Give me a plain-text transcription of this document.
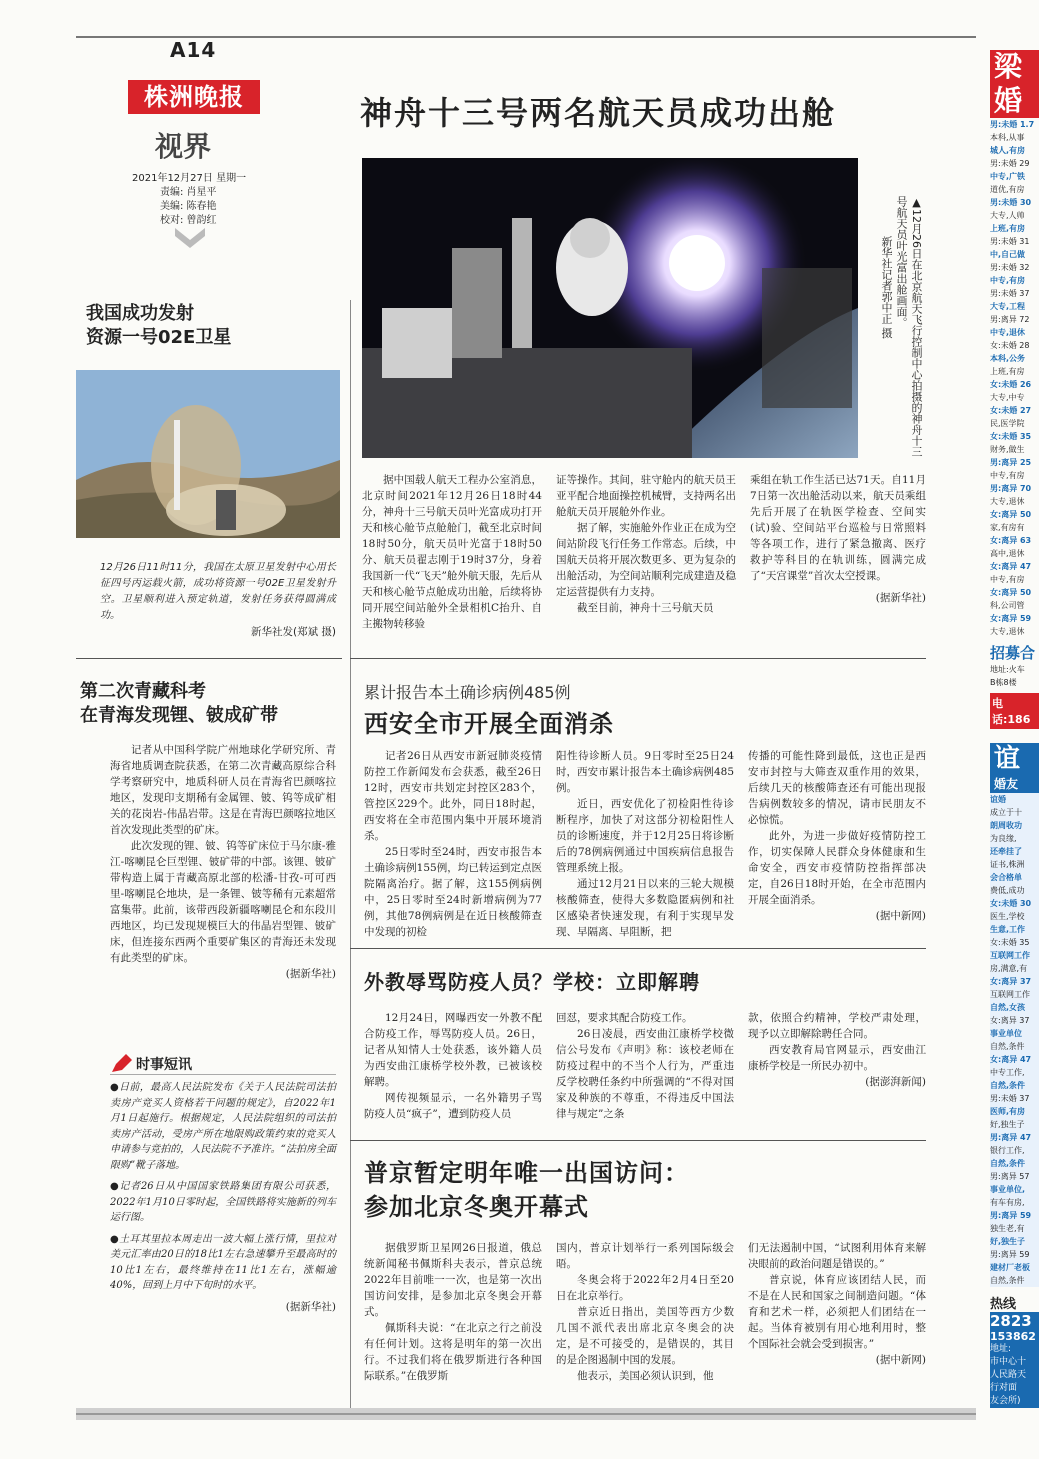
A14
株洲晚报
视界
2021年12月27日 星期一
责编: 肖星平
美编: 陈春艳
校对: 曾韵红
神舟十三号两名航天员成功出舱
▲12月26日在北京航天飞行控制中心拍摄的神舟十三号航天员叶光富出舱画面。 新华社记者郭中正 摄

据中国载人航天工程办公室消息，北京时间2021年12月26日18时44分，神舟十三号航天员叶光富成功打开天和核心舱节点舱舱门，截至北京时间18时50分，航天员叶光富于18时50分、航天员翟志刚于19时37分，身着我国新一代“飞天”舱外航天服，先后从天和核心舱节点舱成功出舱，后续将协同开展空间站舱外全景相机C抬升、自主搬物转移验

证等操作。其间，驻守舱内的航天员王亚平配合地面操控机械臂，支持两名出舱航天员开展舱外作业。

据了解，实施舱外作业正在成为空间站阶段飞行任务工作常态。后续，中国航天员将开展次数更多、更为复杂的出舱活动，为空间站顺利完成建造及稳定运营提供有力支持。

截至目前，神舟十三号航天员

乘组在轨工作生活已达71天。自11月7日第一次出舱活动以来，航天员乘组先后开展了在轨医学检查、空间实(试)验、空间站平台巡检与日常照料等各项工作，进行了紧急撤离、医疗救护等科目的在轨训练，圆满完成了“天宫课堂”首次太空授课。

(据新华社)
我国成功发射
资源一号02E卫星
12月26日11时11分，我国在太原卫星发射中心用长征四号丙运载火箭，成功将资源一号02E卫星发射升空。卫星顺利进入预定轨道，发射任务获得圆满成功。
新华社发(郑斌 摄)
第二次青藏科考
在青海发现锂、铍成矿带

记者从中国科学院广州地球化学研究所、青海省地质调查院获悉，在第二次青藏高原综合科学考察研究中，地质科研人员在青海省巴颜喀拉地区，发现印支期稀有金属锂、铍、钨等成矿相关的花岗岩-伟晶岩带。这是在青海巴颜喀拉地区首次发现此类型的矿床。

此次发现的锂、铍、钨等矿床位于马尔康-雅江-喀喇昆仑巨型锂、铍矿带的中部。该锂、铍矿带构造上属于青藏高原北部的松潘-甘孜-可可西里-喀喇昆仑地块，是一条锂、铍等稀有元素超常富集带。此前，该带西段新疆喀喇昆仑和东段川西地区，均已发现规模巨大的伟晶岩型锂、铍矿床，但连接东西两个重要矿集区的青海还未发现有此类型的矿床。

(据新华社)
时事短讯

●日前，最高人民法院发布《关于人民法院司法拍卖房产竞买人资格若干问题的规定》，自2022年1月1日起施行。根据规定，人民法院组织的司法拍卖房产活动，受房产所在地限购政策约束的竞买人申请参与竞拍的，人民法院不予准许。“法拍房全面限购”靴子落地。

●记者26日从中国国家铁路集团有限公司获悉，2022年1月10日零时起，全国铁路将实施新的列车运行图。

●土耳其里拉本周走出一波大幅上涨行情，里拉对美元汇率由20日的18比1左右急速攀升至最高时的10比1左右，最终维持在11比1左右，涨幅逾40%，回到上月中下旬时的水平。

(据新华社)
累计报告本土确诊病例485例
西安全市开展全面消杀

记者26日从西安市新冠肺炎疫情防控工作新闻发布会获悉，截至26日12时，西安市共划定封控区283个，管控区229个。此外，同日18时起，西安将在全市范围内集中开展环境消杀。

25日零时至24时，西安市报告本土确诊病例155例，均已转运到定点医院隔离治疗。据了解，这155例病例中，25日零时至24时新增病例为77例，其他78例病例是在近日核酸筛查中发现的初检

阳性待诊断人员。9日零时至25日24时，西安市累计报告本土确诊病例485例。

近日，西安优化了初检阳性待诊断程序，加快了对这部分初检阳性人员的诊断速度，并于12月25日将诊断后的78例病例通过中国疾病信息报告管理系统上报。

通过12月21日以来的三轮大规模核酸筛查，使得大多数隐匿病例和社区感染者快速发现，有利于实现早发现、早隔离、早阻断，把

传播的可能性降到最低，这也正是西安市封控与大筛查双重作用的效果，后续几天的核酸筛查还有可能出现报告病例数较多的情况，请市民朋友不必惊慌。

此外，为进一步做好疫情防控工作，切实保障人民群众身体健康和生命安全，西安市疫情防控指挥部决定，自26日18时开始，在全市范围内开展全面消杀。

(据中新网)
外教辱骂防疫人员？学校：立即解聘

12月24日，网曝西安一外教不配合防疫工作，辱骂防疫人员。26日，记者从知情人士处获悉，该外籍人员为西安曲江康桥学校外教，已被该校解聘。

网传视频显示，一名外籍男子骂防疫人员“疯子”，遭到防疫人员

回怼，要求其配合防疫工作。

26日凌晨，西安曲江康桥学校微信公号发布《声明》称：该校老师在防疫过程中的不当个人行为，严重违反学校聘任条约中所强调的“不得对国家及种族的不尊重，不得违反中国法律与规定”之条

款，依照合约精神，学校严肃处理，现予以立即解除聘任合同。

西安教育局官网显示，西安曲江康桥学校是一所民办初中。

(据澎湃新闻)
普京暂定明年唯一出国访问：
参加北京冬奥开幕式

据俄罗斯卫星网26日报道，俄总统新闻秘书佩斯科夫表示，普京总统2022年目前唯一一次，也是第一次出国访问安排，是参加北京冬奥会开幕式。

佩斯科夫说：“在北京之行之前没有任何计划。这将是明年的第一次出行。不过我们将在俄罗斯进行各种国际联系。”在俄罗斯

国内，普京计划举行一系列国际级会晤。

冬奥会将于2022年2月4日至20日在北京举行。

普京近日指出，美国等西方少数几国不派代表出席北京冬奥会的决定，是不可接受的，是错误的，其目的是企图遏制中国的发展。

他表示，美国必须认识到，他

们无法遏制中国，“试图利用体育来解决眼前的政治问题是错误的。”

普京说，体育应该团结人民，而不是在人民和国家之间制造问题。“体育和艺术一样，必须把人们团结在一起。当体育被别有用心地利用时，整个国际社会就会受到损害。”

(据中新网)
梁
婚
男:未婚 1.7
本科,从事
城人,有房
男:未婚 29
中专,广铁
道优,有房
男:未婚 30
大专,人帅
上班,有房
男:未婚 31
中,自己做
男:未婚 32
中专,有房
男:未婚 37
大专,工程
男:离异 72
中专,退休
女:未婚 28
本科,公务
上班,有房
女:未婚 26
大专,中专
女:未婚 27
民,医学院
女:未婚 35
财务,做生
男:离异 25
中专,有房
男:离异 70
大专,退休
女:离异 50
家,有房有
女:离异 63
高中,退休
女:离异 47
中专,有房
女:离异 50
科,公司管
女:离异 59
大专,退休
招募合
地址:火车
B栋8楼
电话:186
谊
婚友
谊婚
成立于十
朗周收功
为良缘,
还牵挂了
证书,株洲
会合格单
费低,成功
女:未婚 30
医生,学校
生意,工作
女:未婚 35
互联网工作
房,满意,有
女:离异 37
互联网工作
自然,女孩
女:离异 37
事业单位
自然,条件
女:离异 47
中专工作,
自然,条件
男:未婚 37
医师,有房
好,独生子
男:离异 47
银行工作,
自然,条件
男:离异 57
事业单位,
有车有房,
男:离异 59
独生老,有
好,独生子
男:离异 59
建材厂老板
自然,条件
热线
2823
153862
地址:
市中心十
人民路天
行对面
友会所)
